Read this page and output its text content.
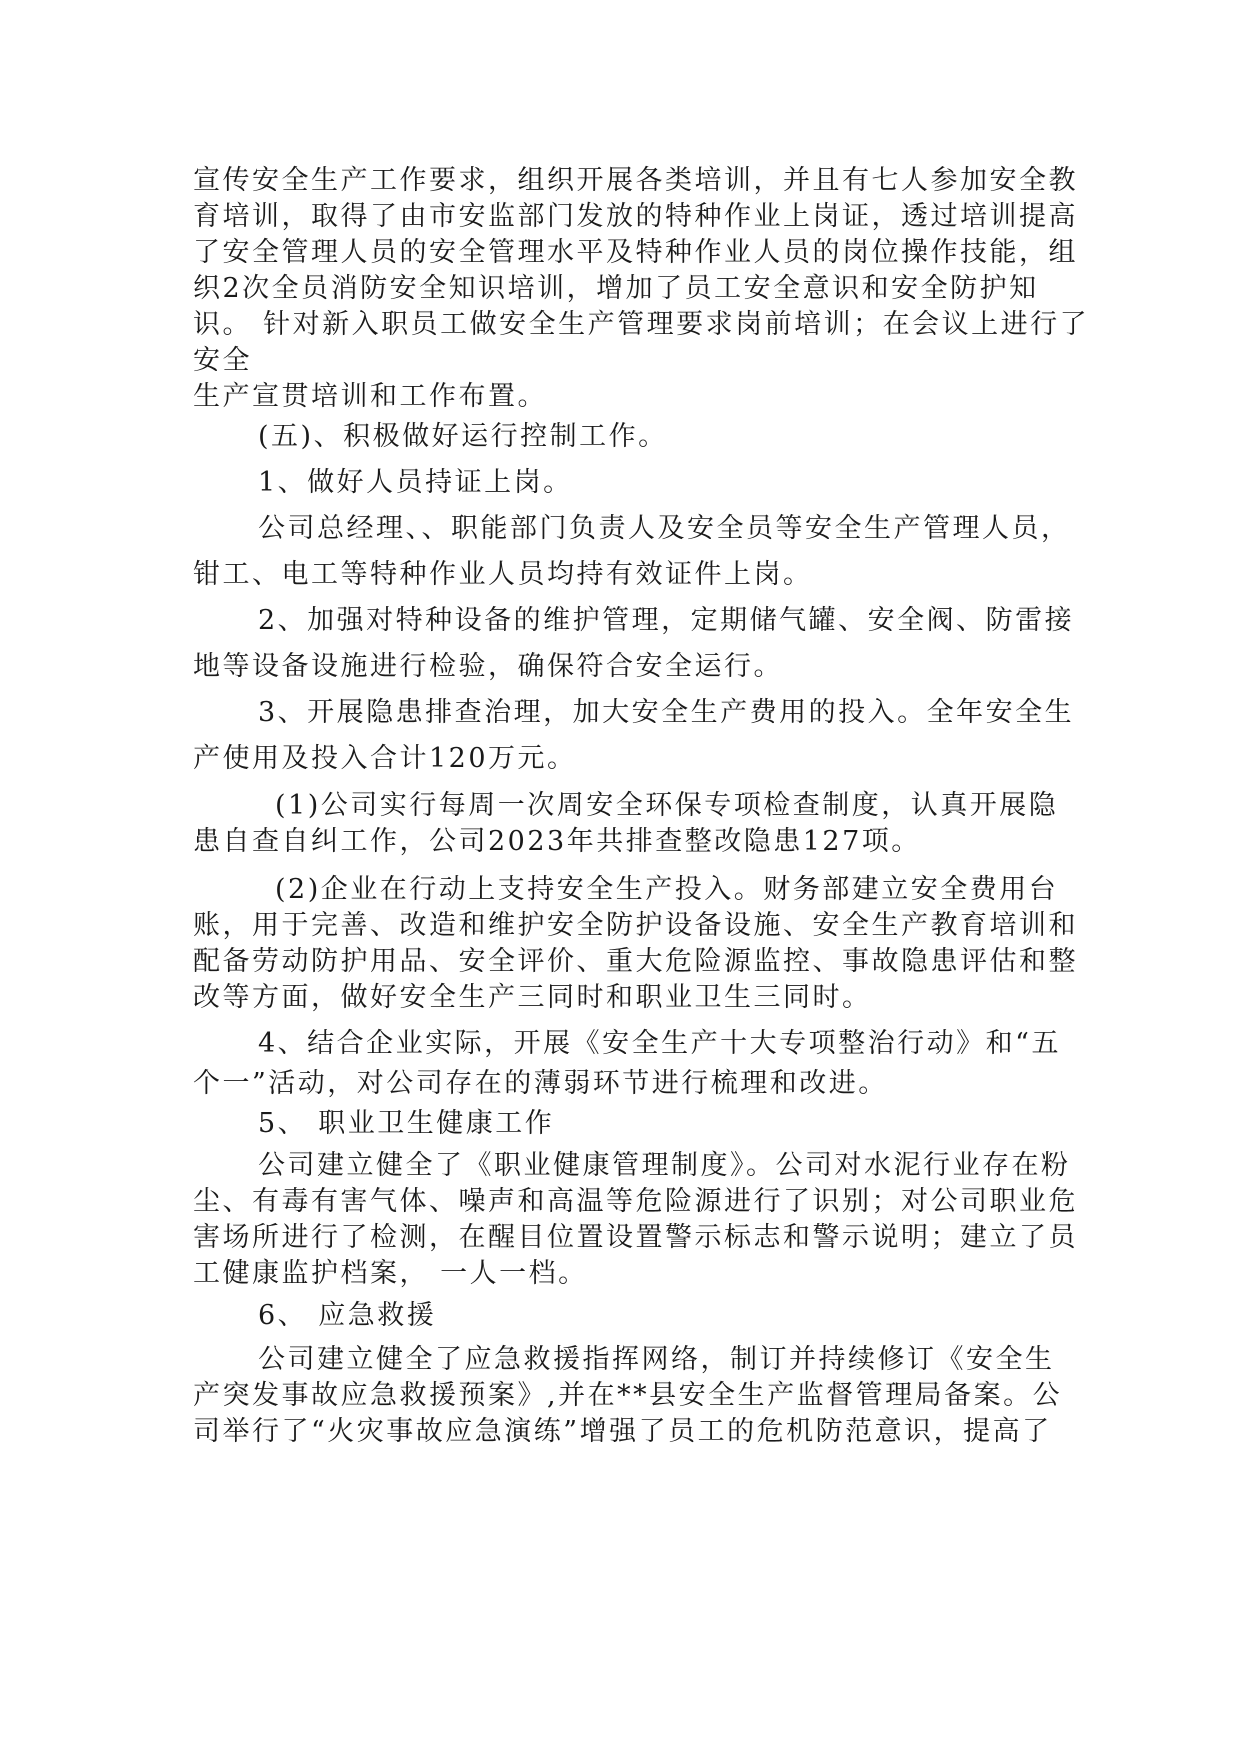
宣传安全生产工作要求，组织开展各类培训，并且有七人参加安全教

育培训，取得了由市安监部门发放的特种作业上岗证，透过培训提高

了安全管理人员的安全管理水平及特种作业人员的岗位操作技能，组

织2次全员消防安全知识培训，增加了员工安全意识和安全防护知

识。 针对新入职员工做安全生产管理要求岗前培训；在会议上进行了

安全

生产宣贯培训和工作布置。

(五)、积极做好运行控制工作。

1、做好人员持证上岗。

公司总经理、、职能部门负责人及安全员等安全生产管理人员，

钳工、电工等特种作业人员均持有效证件上岗。

2、加强对特种设备的维护管理，定期储气罐、安全阀、防雷接

地等设备设施进行检验，确保符合安全运行。

3、开展隐患排查治理，加大安全生产费用的投入。全年安全生

产使用及投入合计120万元。

(1)公司实行每周一次周安全环保专项检查制度，认真开展隐

患自查自纠工作，公司2023年共排查整改隐患127项。

(2)企业在行动上支持安全生产投入。财务部建立安全费用台

账，用于完善、改造和维护安全防护设备设施、安全生产教育培训和

配备劳动防护用品、安全评价、重大危险源监控、事故隐患评估和整

改等方面，做好安全生产三同时和职业卫生三同时。

4、结合企业实际，开展《安全生产十大专项整治行动》和“五

个一”活动，对公司存在的薄弱环节进行梳理和改进。

5、 职业卫生健康工作

公司建立健全了《职业健康管理制度》。公司对水泥行业存在粉

尘、有毒有害气体、噪声和高温等危险源进行了识别；对公司职业危

害场所进行了检测，在醒目位置设置警示标志和警示说明；建立了员

工健康监护档案， 一人一档。

6、 应急救援

公司建立健全了应急救援指挥网络，制订并持续修订《安全生

产突发事故应急救援预案》,并在**县安全生产监督管理局备案。公

司举行了“火灾事故应急演练”增强了员工的危机防范意识，提高了
